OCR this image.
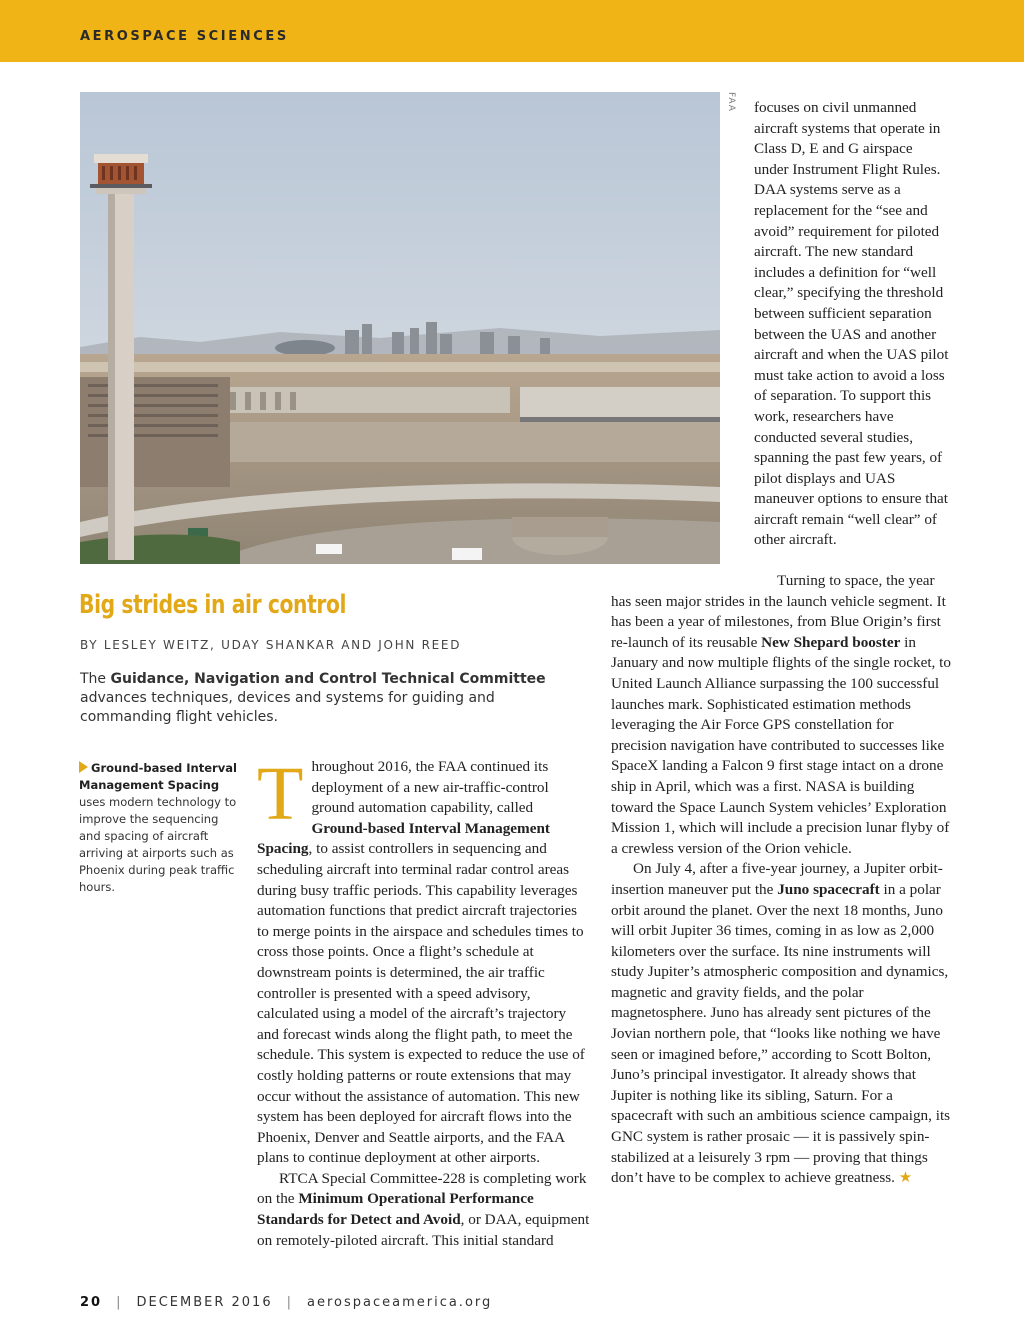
AEROSPACE SCIENCES
FAA focuses on civil unmanned aircraft systems that operate in Class D, E and G airspace under Instrument Flight Rules. DAA systems serve as a replacement for the “see and avoid” requirement for piloted aircraft. The new standard includes a definition for “well clear,” specifying the threshold between sufficient separation between the UAS and another aircraft and when the UAS pilot must take action to avoid a loss of separation. To support this work, researchers have conducted several studies, spanning the past few years, of pilot displays and UAS maneuver options to ensure that aircraft remain “well clear” of other aircraft.

Turning to space, the year has seen major strides in the launch vehicle segment. It has been a year of milestones, from Blue Origin’s first re-launch of its reusable New Shepard booster in January and now multiple flights of the single rocket, to United Launch Alliance surpassing the 100 successful launches mark. Sophisticated estimation methods leveraging the Air Force GPS constellation for precision navigation have contributed to successes like SpaceX landing a Falcon 9 first stage intact on a drone ship in April, which was a first. NASA is building toward the Space Launch System vehicles’ Exploration Mission 1, which will include a precision lunar flyby of a crewless version of the Orion vehicle.

On July 4, after a five-year journey, a Jupiter orbit-insertion maneuver put the Juno spacecraft in a polar orbit around the planet. Over the next 18 months, Juno will orbit Jupiter 36 times, coming in as low as 2,000 kilometers over the surface. Its nine instruments will study Jupiter’s atmospheric composition and dynamics, magnetic and gravity fields, and the polar magnetosphere. Juno has already sent pictures of the Jovian northern pole, that “looks like nothing we have seen or imagined before,” according to Scott Bolton, Juno’s principal investigator. It already shows that Jupiter is nothing like its sibling, Saturn. For a spacecraft with such an ambitious science campaign, its GNC system is rather prosaic — it is passively spin-stabilized at a leisurely 3 rpm — proving that things don’t have to be complex to achieve greatness. ★

Big strides in air control
BY LESLEY WEITZ, UDAY SHANKAR AND JOHN REED
The Guidance, Navigation and Control Technical Committee advances techniques, devices and systems for guiding and commanding flight vehicles.
Ground-based Interval Management Spacing uses modern technology to improve the sequencing and spacing of aircraft arriving at airports such as Phoenix during peak traffic hours.

Throughout 2016, the FAA continued its deployment of a new air-traffic-control ground automation capability, called Ground-based Interval Management Spacing, to assist controllers in sequencing and scheduling aircraft into terminal radar control areas during busy traffic periods. This capability leverages automation functions that predict aircraft trajectories to merge points in the airspace and schedules times to cross those points. Once a flight’s schedule at downstream points is determined, the air traffic controller is presented with a speed advisory, calculated using a model of the aircraft’s trajectory and forecast winds along the flight path, to meet the schedule. This system is expected to reduce the use of costly holding patterns or route extensions that may occur without the assistance of automation. This new system has been deployed for aircraft flows into the Phoenix, Denver and Seattle airports, and the FAA plans to continue deployment at other airports.

RTCA Special Committee-228 is completing work on the Minimum Operational Performance Standards for Detect and Avoid, or DAA, equipment on remotely-piloted aircraft. This initial standard

20 | DECEMBER 2016 | aerospaceamerica.org
